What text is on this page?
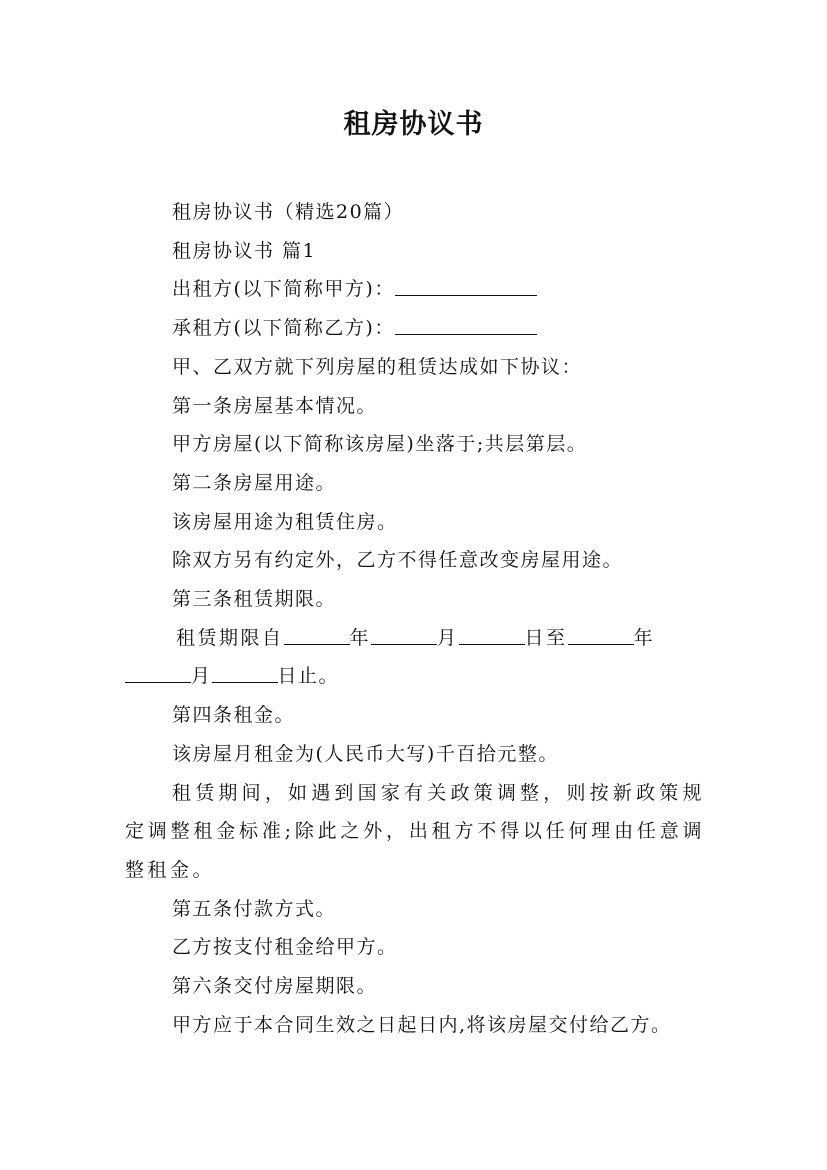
租房协议书

租房协议书（精选20篇）

租房协议书 篇1

出租方(以下简称甲方)：

承租方(以下简称乙方)：

甲、乙双方就下列房屋的租赁达成如下协议：

第一条房屋基本情况。

甲方房屋(以下简称该房屋)坐落于;共层第层。

第二条房屋用途。

该房屋用途为租赁住房。

除双方另有约定外，乙方不得任意改变房屋用途。

第三条租赁期限。

租赁期限自	年	月	日至	年

月	日止。

第四条租金。

该房屋月租金为(人民币大写)千百拾元整。

租赁期间，如遇到国家有关政策调整，则按新政策规定调整租金标准;除此之外，出租方不得以任何理由任意调整租金。

第五条付款方式。

乙方按支付租金给甲方。

第六条交付房屋期限。

甲方应于本合同生效之日起日内,将该房屋交付给乙方。
